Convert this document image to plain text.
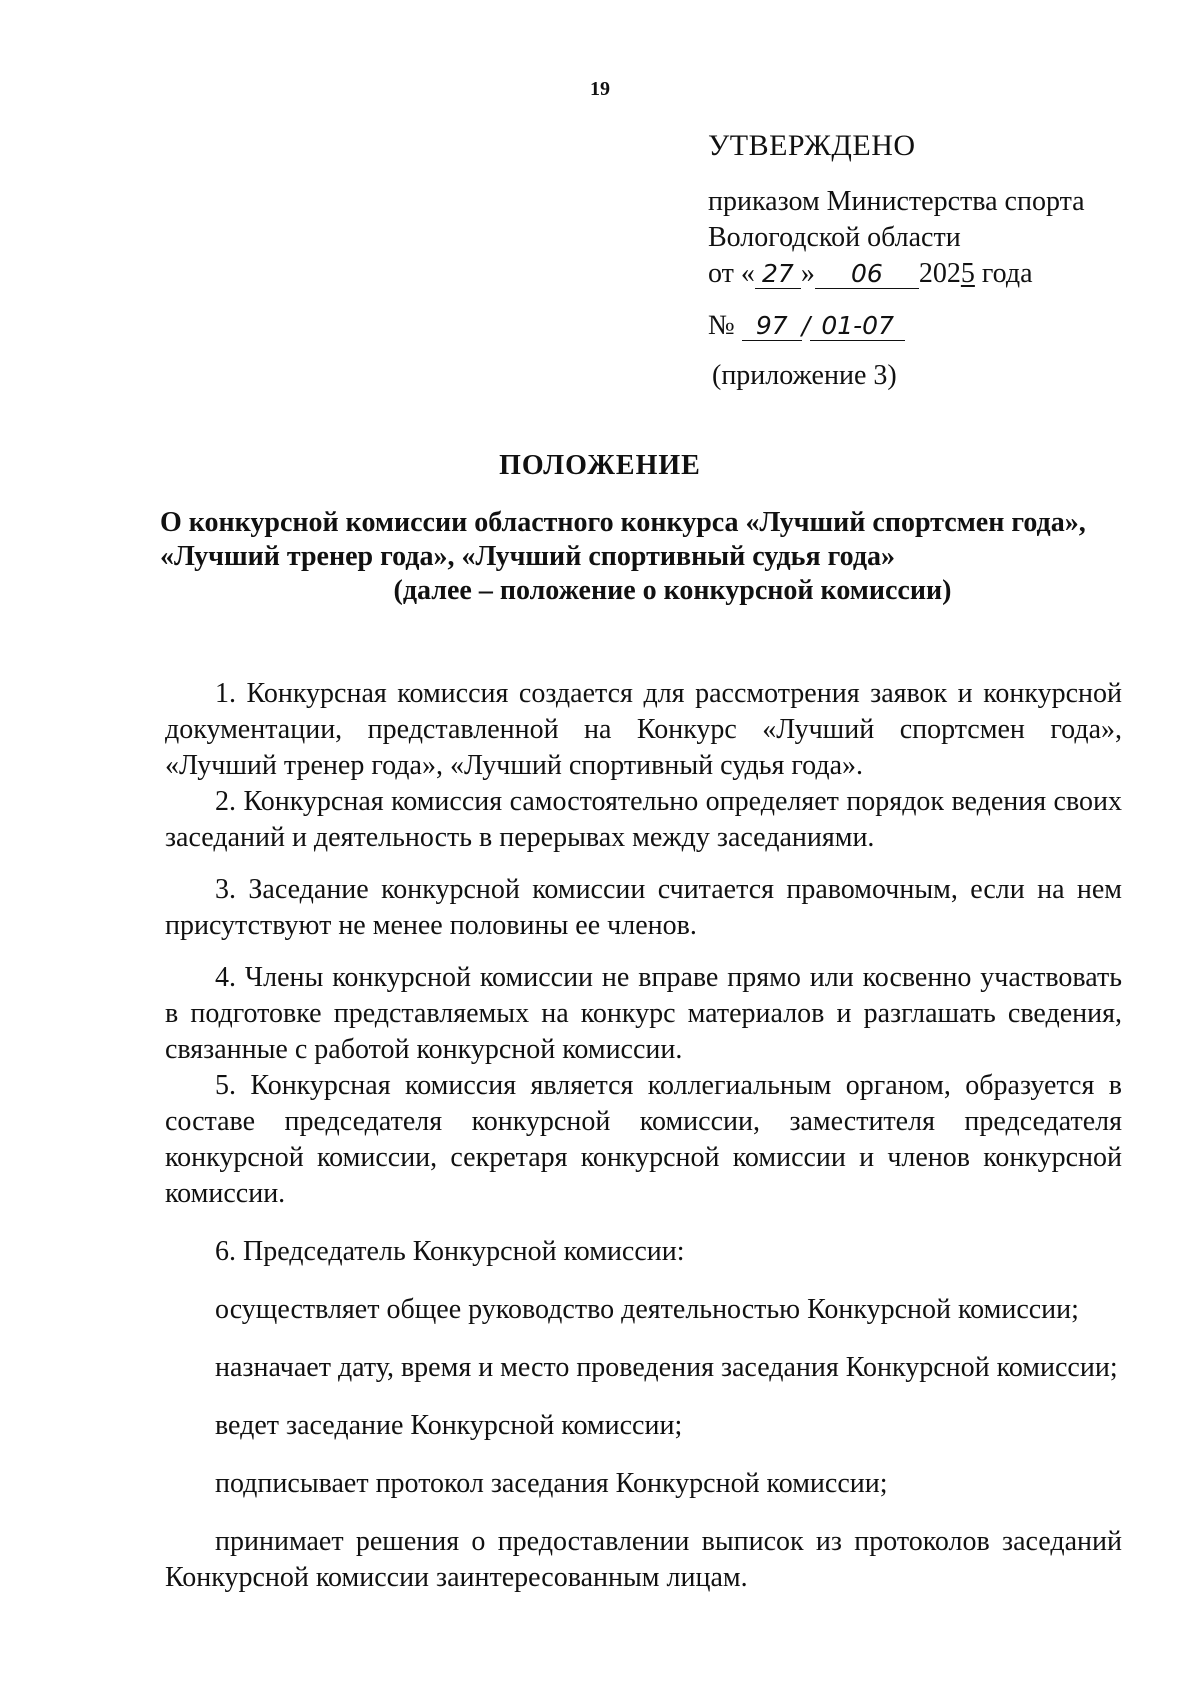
19
УТВЕРЖДЕНО
приказом Министерства спорта
Вологодской области
от « 27 » 06 2025 года
№ 97 / 01-07
(приложение 3)
ПОЛОЖЕНИЕ
О конкурсной комиссии областного конкурса «Лучший спортсмен года»,
«Лучший тренер года», «Лучший спортивный судья года»
(далее – положение о конкурсной комиссии)

1. Конкурсная комиссия создается для рассмотрения заявок и конкурсной документации, представленной на Конкурс «Лучший спортсмен года», «Лучший тренер года», «Лучший спортивный судья года».

2. Конкурсная комиссия самостоятельно определяет порядок ведения своих заседаний и деятельность в перерывах между заседаниями.

3. Заседание конкурсной комиссии считается правомочным, если на нем присутствуют не менее половины ее членов.

4. Члены конкурсной комиссии не вправе прямо или косвенно участвовать в подготовке представляемых на конкурс материалов и разглашать сведения, связанные с работой конкурсной комиссии.

5. Конкурсная комиссия является коллегиальным органом, образуется в составе председателя конкурсной комиссии, заместителя председателя конкурсной комиссии, секретаря конкурсной комиссии и членов конкурсной комиссии.

6. Председатель Конкурсной комиссии:

осуществляет общее руководство деятельностью Конкурсной комиссии;

назначает дату, время и место проведения заседания Конкурсной комиссии;

ведет заседание Конкурсной комиссии;

подписывает протокол заседания Конкурсной комиссии;

принимает решения о предоставлении выписок из протоколов заседаний Конкурсной комиссии заинтересованным лицам.
